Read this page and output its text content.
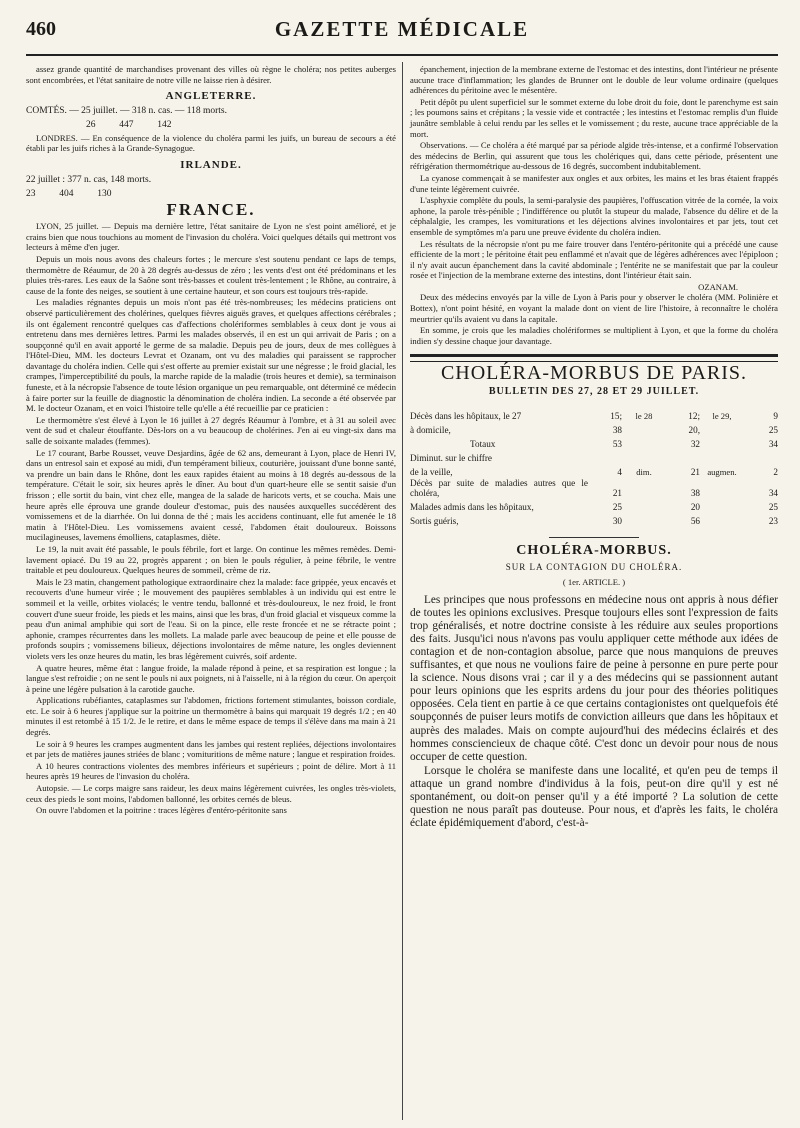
460	GAZETTE MÉDICALE

assez grande quantité de marchandises provenant des villes où règne le choléra; nos petites auberges sont encombrées, et l'état sanitaire de notre ville ne laisse rien à désirer.

ANGLETERRE.
COMTÉS. — 25 juillet. — 318 n. cas. — 118 morts.
26          447          142

LONDRES. — En conséquence de la violence du choléra parmi les juifs, un bureau de secours a été établi par les juifs riches à la Grande-Synagogue.

IRLANDE.
22 juillet : 377 n. cas, 148 morts.
23          404          130
FRANCE.

LYON, 25 juillet. — Depuis ma dernière lettre, l'état sanitaire de Lyon ne s'est point amélioré, et je crains bien que nous touchions au moment de l'invasion du choléra. Voici quelques détails qui mettront vos lecteurs à même d'en juger.

Depuis un mois nous avons des chaleurs fortes ; le mercure s'est soutenu pendant ce laps de temps, thermomètre de Réaumur, de 20 à 28 degrés au-dessus de zéro ; les vents d'est ont été prédominans et les pluies très-rares. Les eaux de la Saône sont très-basses et coulent très-lentement ; le Rhône, au contraire, à cause de la fonte des neiges, se soutient à une certaine hauteur, et son cours est toujours très-rapide.

Les maladies régnantes depuis un mois n'ont pas été très-nombreuses; les médecins praticiens ont observé particulièrement des cholérines, quelques fièvres aiguës graves, et quelques affections cérébrales ; ils ont également rencontré quelques cas d'affections cholériformes semblables à ceux dont je vous ai entretenu dans mes dernières lettres. Parmi les malades observés, il en est un qui arrivait de Paris ; on a soupçonné qu'il en avait apporté le germe de sa maladie. Depuis peu de jours, deux de mes collègues à l'Hôtel-Dieu, MM. les docteurs Levrat et Ozanam, ont vu des maladies qui paraissent se rapprocher davantage du choléra indien. Celle qui s'est offerte au premier existait sur une négresse ; le froid glacial, les crampes, l'imperceptibilité du pouls, la marche rapide de la maladie (trois heures et demie), sa terminaison funeste, et à la nécropsie l'absence de toute lésion organique un peu remarquable, ont déterminé ce médecin à faire porter sur la feuille de diagnostic la dénomination de choléra indien. La seconde a été observée par M. le docteur Ozanam, et en voici l'histoire telle qu'elle a été recueillie par ce praticien :

Le thermomètre s'est élevé à Lyon le 16 juillet à 27 degrés Réaumur à l'ombre, et à 31 au soleil avec vent de sud et chaleur étouffante. Dès-lors on a vu beaucoup de cholérines. J'en ai eu vingt-six dans ma salle de soixante malades (femmes).

Le 17 courant, Barbe Rousset, veuve Desjardins, âgée de 62 ans, demeurant à Lyon, place de Henri IV, dans un entresol sain et exposé au midi, d'un tempérament bilieux, couturière, jouissant d'une bonne santé, va prendre un bain dans le Rhône, dont les eaux rapides étaient au moins à 18 degrés au-dessous de la température. C'était le soir, six heures après le dîner. Au bout d'un quart-heure elle se sentit saisie d'un frisson ; elle sortit du bain, vint chez elle, mangea de la salade de haricots verts, et se coucha. Mais une heure après elle éprouva une grande douleur d'estomac, puis des nausées auxquelles succédèrent des vomissemens et de la diarrhée. On lui donna de thé ; mais les accidens continuant, elle fut amenée le 18 matin à l'Hôtel-Dieu. Les vomissemens avaient cessé, l'abdomen était douloureux. Boissons mucilagineuses, lavemens émolliens, cataplasmes, diète.

Le 19, la nuit avait été passable, le pouls fébrile, fort et large. On continue les mêmes remèdes. Demi-lavement opiacé. Du 19 au 22, progrès apparent ; on bien le pouls régulier, à peine fébrile, le ventre traitable et peu douloureux. Quelques heures de sommeil, crème de riz.

Mais le 23 matin, changement pathologique extraordinaire chez la malade: face grippée, yeux encavés et recouverts d'une humeur virée ; le mouvement des paupières semblables à un individu qui est entre le sommeil et la veille, orbites violacés; le ventre tendu, ballonné et très-douloureux, le nez froid, le front couvert d'une sueur froide, les pieds et les mains, ainsi que les bras, d'un froid glacial et visqueux comme la peau d'un animal amphibie qui sort de l'eau. Si on la pince, elle reste froncée et ne se rétracte point ; aphonie, crampes récurrentes dans les mollets. La malade parle avec beaucoup de peine et elle pousse de profonds soupirs ; vomissemens bilieux, déjections involontaires de même nature, les ongles deviennent violets vers les onze heures du matin, les bras légèrement cuivrés, soif ardente.

A quatre heures, même état : langue froide, la malade répond à peine, et sa respiration est longue ; la langue s'est refroidie ; on ne sent le pouls ni aux poignets, ni à l'aisselle, ni à la région du cœur. On aperçoit à peine une légère pulsation à la carotide gauche.

Applications rubéfiantes, cataplasmes sur l'abdomen, frictions fortement stimulantes, boisson cordiale, etc. Le soir à 6 heures j'applique sur la poitrine un thermomètre à bains qui marquait 19 degrés 1/2 ; en 40 minutes il est retombé à 15 1/2. Je le retire, et dans le même espace de temps il s'élève dans ma main à 21 degrés.

Le soir à 9 heures les crampes augmentent dans les jambes qui restent repliées, déjections involontaires et par jets de matières jaunes striées de blanc ; vomituritions de même nature ; langue et respiration froides.

A 10 heures contractions violentes des membres inférieurs et supérieurs ; point de délire. Mort à 11 heures après 19 heures de l'invasion du choléra.

Autopsie. — Le corps maigre sans raideur, les deux mains légèrement cuivrées, les ongles très-violets, ceux des pieds le sont moins, l'abdomen ballonné, les orbites cernés de bleus.

On ouvre l'abdomen et la poitrine : traces légères d'entéro-péritonite sans

épanchement, injection de la membrane externe de l'estomac et des intestins, dont l'intérieur ne présente aucune trace d'inflammation; les glandes de Brunner ont le double de leur volume ordinaire (quelques adhérences du péritoine avec le mésentère.

Petit dépôt pu ulent superficiel sur le sommet externe du lobe droit du foie, dont le parenchyme est sain ; les poumons sains et crépitans ; la vessie vide et contractée ; les intestins et l'estomac remplis d'un fluide jaunâtre semblable à celui rendu par les selles et le vomissement ; du reste, aucune trace appréciable de la mort.

Observations. — Ce choléra a été marqué par sa période algide très-intense, et a confirmé l'observation des médecins de Berlin, qui assurent que tous les cholériques qui, dans cette période, présentent une réfrigération thermométrique au-dessous de 16 degrés, succombent indubitablement.

La cyanose commençait à se manifester aux ongles et aux orbites, les mains et les bras étaient frappés d'une teinte légèrement cuivrée.

L'asphyxie complète du pouls, la semi-paralysie des paupières, l'offuscation vitrée de la cornée, la voix aphone, la parole très-pénible ; l'indifférence ou plutôt la stupeur du malade, l'absence du délire et de la céphalalgie, les crampes, les vomiturations et les déjections alvines involontaires et par jets, tout cet ensemble de symptômes m'a paru une preuve évidente du choléra indien.

Les résultats de la nécropsie n'ont pu me faire trouver dans l'entéro-péritonite qui a précédé une cause efficiente de la mort ; le péritoine était peu enflammé et n'avait que de légères adhérences avec l'épiploon ; il n'y avait aucun épanchement dans la cavité abdominale ; l'entérite ne se manifestait que par la couleur rosée et l'injection de la membrane externe des intestins, dont l'intérieur était sain.

OZANAM.

Deux des médecins envoyés par la ville de Lyon à Paris pour y observer le choléra (MM. Polinière et Bottex), n'ont point hésité, en voyant la malade dont on vient de lire l'histoire, à reconnaître le choléra meurtrier qu'ils avaient vu dans la capitale.

En somme, je crois que les maladies cholériformes se multiplient à Lyon, et que la forme du choléra indien s'y dessine chaque jour davantage.

CHOLÉRA-MORBUS DE PARIS.
BULLETIN DES 27, 28 ET 29 JUILLET.
Décès dans les hôpitaux, le 27	15;	le 28	12;	le 29,	9
à domicile,	38		20,		25
Totaux	53		32		34
Diminut. sur le chiffre					
de la veille,	4	dim.	21	augmen.	2
Décès par suite de maladies autres que le choléra,	21		38		34
Malades admis dans les hôpitaux,	25		20		25
Sortis guéris,	30		56		23
CHOLÉRA-MORBUS.
SUR LA CONTAGION DU CHOLÉRA.
( 1er. ARTICLE. )

Les principes que nous professons en médecine nous ont appris à nous défier de toutes les opinions exclusives. Presque toujours elles sont l'expression de faits trop généralisés, et notre doctrine consiste à les réduire aux seules proportions des faits. Jusqu'ici nous n'avons pas voulu appliquer cette méthode aux idées de contagion et de non-contagion absolue, parce que nous manquions de preuves suffisantes, et que nous ne voulions faire de peine à personne en pure perte pour la science. Nous disons vrai ; car il y a des médecins qui se passionnent autant pour leurs opinions que les esprits ardens du jour pour des théories politiques opposées. Cela tient en partie à ce que certains contagionistes ont quelquefois été soupçonnés de puiser leurs motifs de conviction ailleurs que dans les hôpitaux et auprès des malades. Mais on compte aujourd'hui des médecins éclairés et des hommes consciencieux de chaque côté. C'est donc un devoir pour nous de nous occuper de cette question.

Lorsque le choléra se manifeste dans une localité, et qu'en peu de temps il attaque un grand nombre d'individus à la fois, peut-on dire qu'il y est né spontanément, ou doit-on penser qu'il y a été importé ? La solution de cette question ne nous paraît pas douteuse. Pour nous, et d'après les faits, le choléra éclate épidémiquement d'abord, c'est-à-
